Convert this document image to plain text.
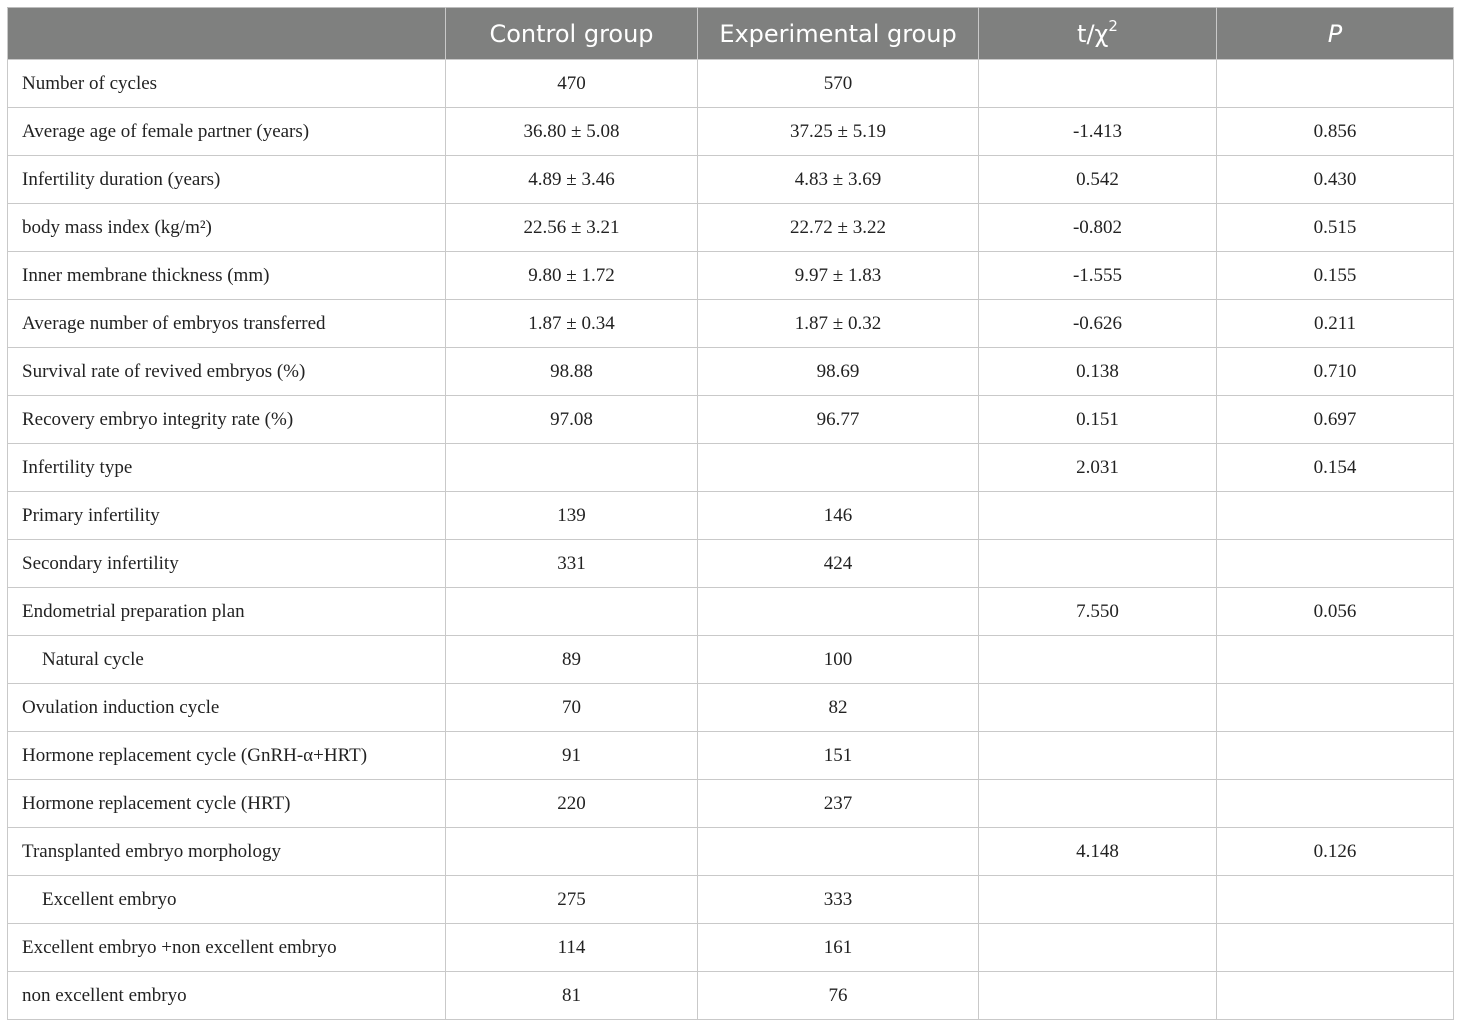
	Control group	Experimental group	$t/\chi^2$	P
Number of cycles	470	570		
Average age of female partner (years)	36.80 ± 5.08	37.25 ± 5.19	-1.413	0.856
Infertility duration (years)	4.89 ± 3.46	4.83 ± 3.69	0.542	0.430
body mass index (kg/m²)	22.56 ± 3.21	22.72 ± 3.22	-0.802	0.515
Inner membrane thickness (mm)	9.80 ± 1.72	9.97 ± 1.83	-1.555	0.155
Average number of embryos transferred	1.87 ± 0.34	1.87 ± 0.32	-0.626	0.211
Survival rate of revived embryos (%)	98.88	98.69	0.138	0.710
Recovery embryo integrity rate (%)	97.08	96.77	0.151	0.697
Infertility type			2.031	0.154
Primary infertility	139	146		
Secondary infertility	331	424		
Endometrial preparation plan			7.550	0.056
Natural cycle	89	100		
Ovulation induction cycle	70	82		
Hormone replacement cycle (GnRH-α+HRT)	91	151		
Hormone replacement cycle (HRT)	220	237		
Transplanted embryo morphology			4.148	0.126
Excellent embryo	275	333		
Excellent embryo +non excellent embryo	114	161		
non excellent embryo	81	76		
